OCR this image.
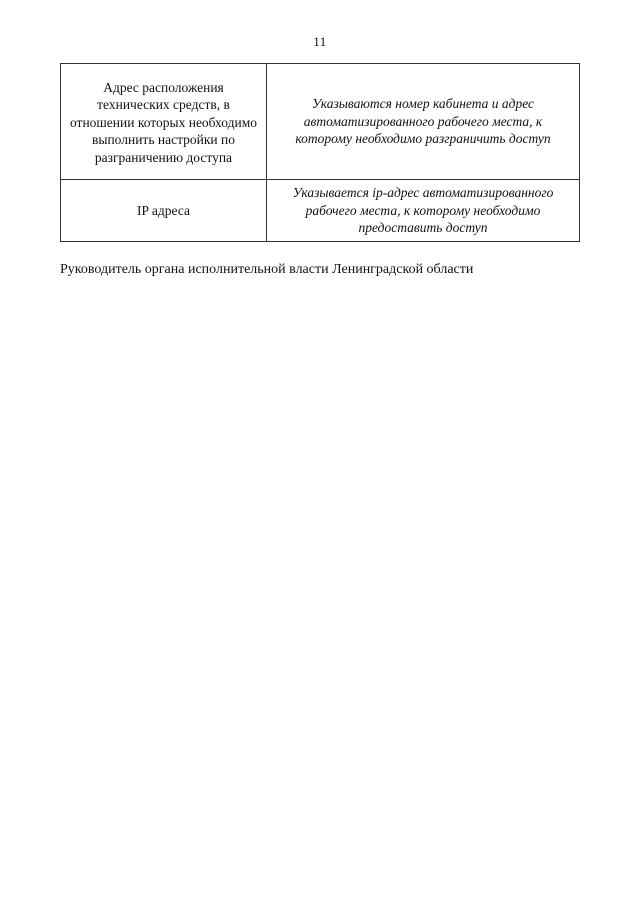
11
Адрес расположения технических средств, в отношении которых необходимо выполнить настройки по разграничению доступа	Указываются номер кабинета и адрес автоматизированного рабочего места, к которому необходимо разграничить доступ
IP адреса	Указывается ip-адрес автоматизированного рабочего места, к которому необходимо предоставить доступ
Руководитель органа исполнительной власти Ленинградской области
